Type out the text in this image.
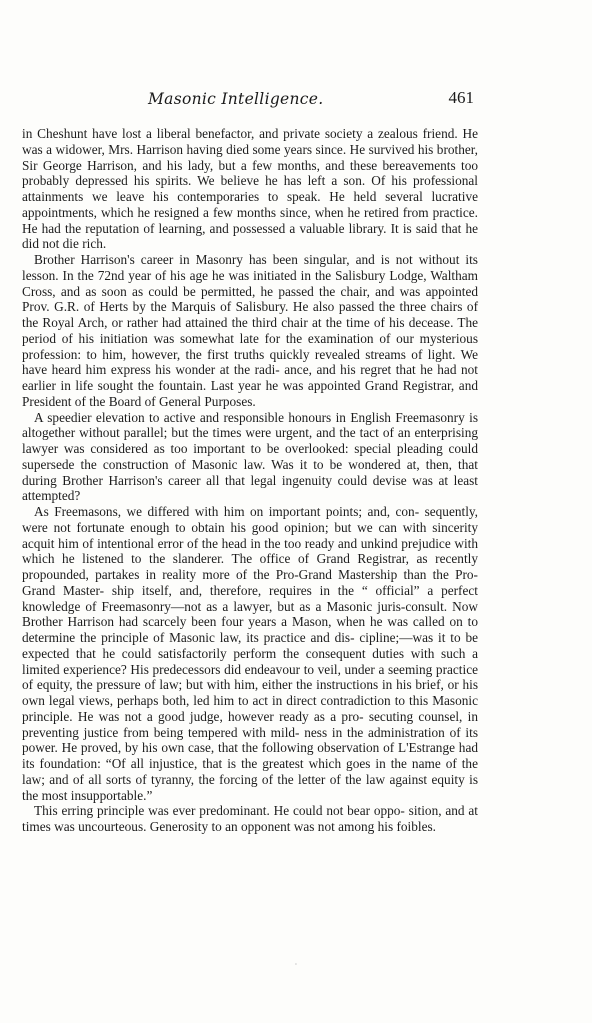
Masonic Intelligence.	461

in Cheshunt have lost a liberal benefactor, and private society a zealous friend. He was a widower, Mrs. Harrison having died some years since. He survived his brother, Sir George Harrison, and his lady, but a few months, and these bereavements too probably depressed his spirits. We believe he has left a son. Of his professional attainments we leave his contemporaries to speak. He held several lucrative appointments, which he resigned a few months since, when he retired from practice. He had the reputation of learning, and possessed a valuable library. It is said that he did not die rich.

Brother Harrison's career in Masonry has been singular, and is not without its lesson. In the 72nd year of his age he was initiated in the Salisbury Lodge, Waltham Cross, and as soon as could be permitted, he passed the chair, and was appointed Prov. G.R. of Herts by the Marquis of Salisbury. He also passed the three chairs of the Royal Arch, or rather had attained the third chair at the time of his decease. The period of his initiation was somewhat late for the examination of our mysterious profession: to him, however, the first truths quickly revealed streams of light. We have heard him express his wonder at the radi- ance, and his regret that he had not earlier in life sought the fountain. Last year he was appointed Grand Registrar, and President of the Board of General Purposes.

A speedier elevation to active and responsible honours in English Freemasonry is altogether without parallel; but the times were urgent, and the tact of an enterprising lawyer was considered as too important to be overlooked: special pleading could supersede the construction of Masonic law. Was it to be wondered at, then, that during Brother Harrison's career all that legal ingenuity could devise was at least attempted?

As Freemasons, we differed with him on important points; and, con- sequently, were not fortunate enough to obtain his good opinion; but we can with sincerity acquit him of intentional error of the head in the too ready and unkind prejudice with which he listened to the slanderer. The office of Grand Registrar, as recently propounded, partakes in reality more of the Pro-Grand Mastership than the Pro-Grand Master- ship itself, and, therefore, requires in the “ official” a perfect knowledge of Freemasonry—not as a lawyer, but as a Masonic juris-consult. Now Brother Harrison had scarcely been four years a Mason, when he was called on to determine the principle of Masonic law, its practice and dis- cipline;—was it to be expected that he could satisfactorily perform the consequent duties with such a limited experience? His predecessors did endeavour to veil, under a seeming practice of equity, the pressure of law; but with him, either the instructions in his brief, or his own legal views, perhaps both, led him to act in direct contradiction to this Masonic principle. He was not a good judge, however ready as a pro- secuting counsel, in preventing justice from being tempered with mild- ness in the administration of its power. He proved, by his own case, that the following observation of L'Estrange had its foundation: “Of all injustice, that is the greatest which goes in the name of the law; and of all sorts of tyranny, the forcing of the letter of the law against equity is the most insupportable.”

This erring principle was ever predominant. He could not bear oppo- sition, and at times was uncourteous. Generosity to an opponent was not among his foibles.

·
